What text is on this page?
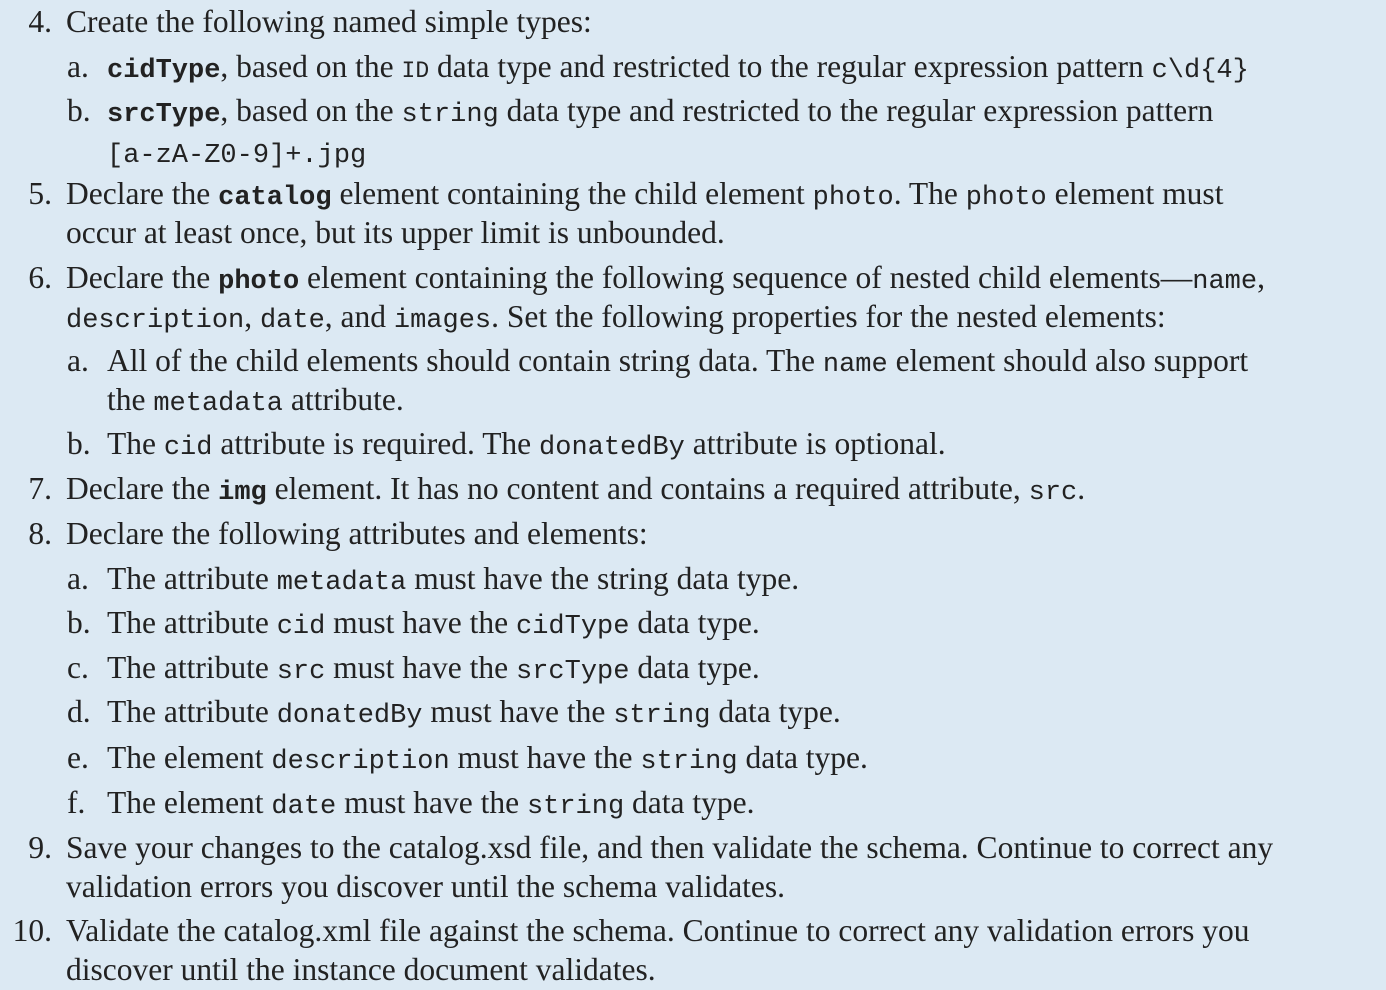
4. Create the following named simple types:
a. cidType, based on the ID data type and restricted to the regular expression pattern c\d{4}
b. srcType, based on the string data type and restricted to the regular expression pattern
[a-zA-Z0-9]+.jpg
5. Declare the catalog element containing the child element photo. The photo element must
occur at least once, but its upper limit is unbounded.
6. Declare the photo element containing the following sequence of nested child elements—name,
description, date, and images. Set the following properties for the nested elements:
a. All of the child elements should contain string data. The name element should also support
the metadata attribute.
b. The cid attribute is required. The donatedBy attribute is optional.
7. Declare the img element. It has no content and contains a required attribute, src.
8. Declare the following attributes and elements:
a. The attribute metadata must have the string data type.
b. The attribute cid must have the cidType data type.
c. The attribute src must have the srcType data type.
d. The attribute donatedBy must have the string data type.
e. The element description must have the string data type.
f. The element date must have the string data type.
9. Save your changes to the catalog.xsd file, and then validate the schema. Continue to correct any
validation errors you discover until the schema validates.
10. Validate the catalog.xml file against the schema. Continue to correct any validation errors you
discover until the instance document validates.
